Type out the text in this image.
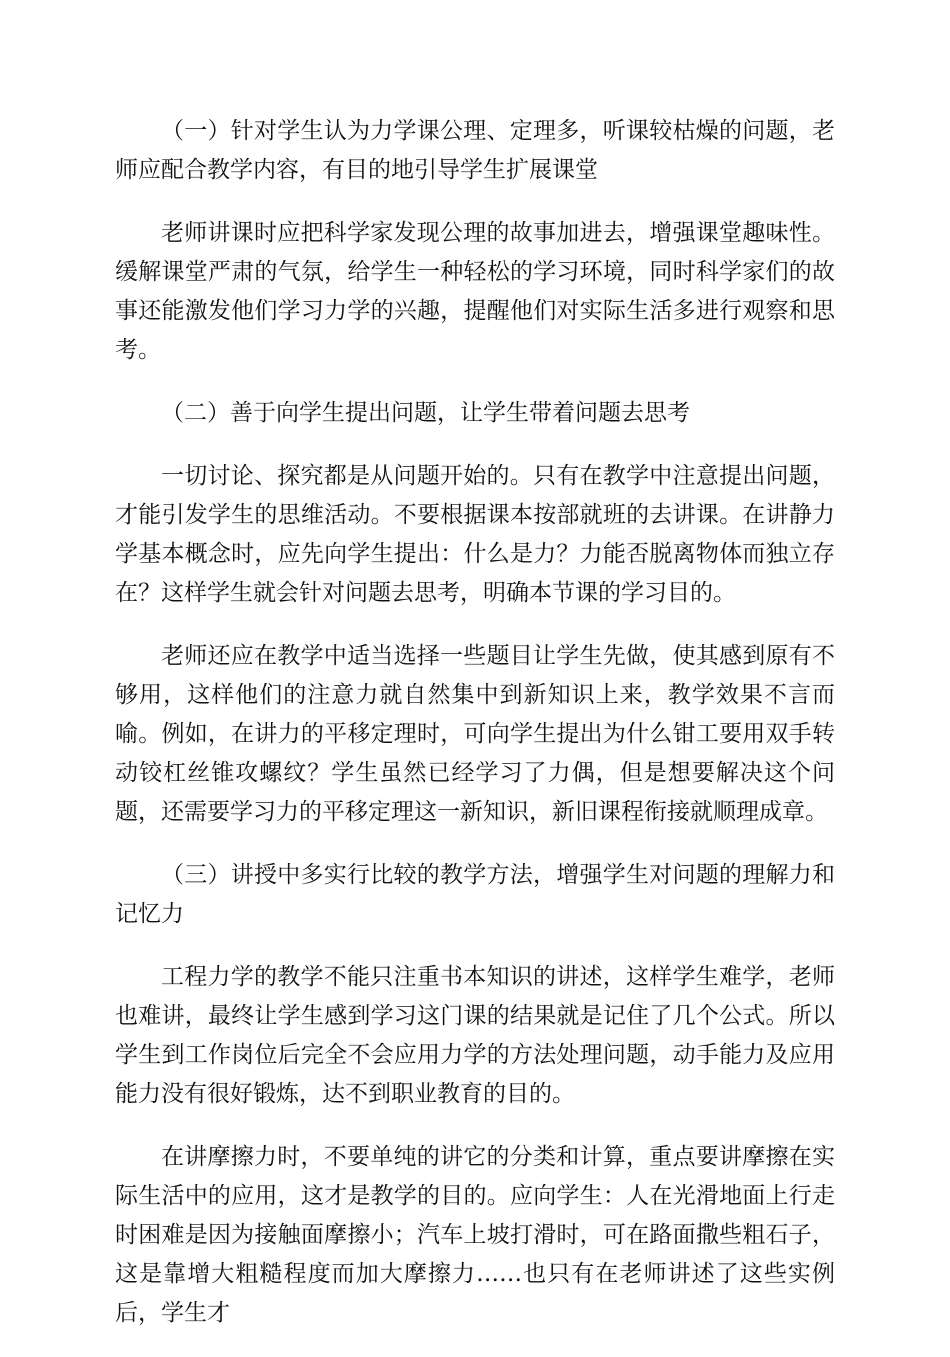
（一）针对学生认为力学课公理、定理多，听课较枯燥的问题，老师应配合教学内容，有目的地引导学生扩展课堂

老师讲课时应把科学家发现公理的故事加进去，增强课堂趣味性。缓解课堂严肃的气氛，给学生一种轻松的学习环境，同时科学家们的故事还能激发他们学习力学的兴趣，提醒他们对实际生活多进行观察和思考。

（二）善于向学生提出问题，让学生带着问题去思考

一切讨论、探究都是从问题开始的。只有在教学中注意提出问题，才能引发学生的思维活动。不要根据课本按部就班的去讲课。在讲静力学基本概念时，应先向学生提出：什么是力？力能否脱离物体而独立存在？这样学生就会针对问题去思考，明确本节课的学习目的。

老师还应在教学中适当选择一些题目让学生先做，使其感到原有不够用，这样他们的注意力就自然集中到新知识上来，教学效果不言而喻。例如，在讲力的平移定理时，可向学生提出为什么钳工要用双手转动铰杠丝锥攻螺纹？学生虽然已经学习了力偶，但是想要解决这个问题，还需要学习力的平移定理这一新知识，新旧课程衔接就顺理成章。

（三）讲授中多实行比较的教学方法，增强学生对问题的理解力和记忆力

工程力学的教学不能只注重书本知识的讲述，这样学生难学，老师也难讲，最终让学生感到学习这门课的结果就是记住了几个公式。所以学生到工作岗位后完全不会应用力学的方法处理问题，动手能力及应用能力没有很好锻炼，达不到职业教育的目的。

在讲摩擦力时，不要单纯的讲它的分类和计算，重点要讲摩擦在实际生活中的应用，这才是教学的目的。应向学生：人在光滑地面上行走时困难是因为接触面摩擦小；汽车上坡打滑时，可在路面撒些粗石子，这是靠增大粗糙程度而加大摩擦力……也只有在老师讲述了这些实例后，学生才
